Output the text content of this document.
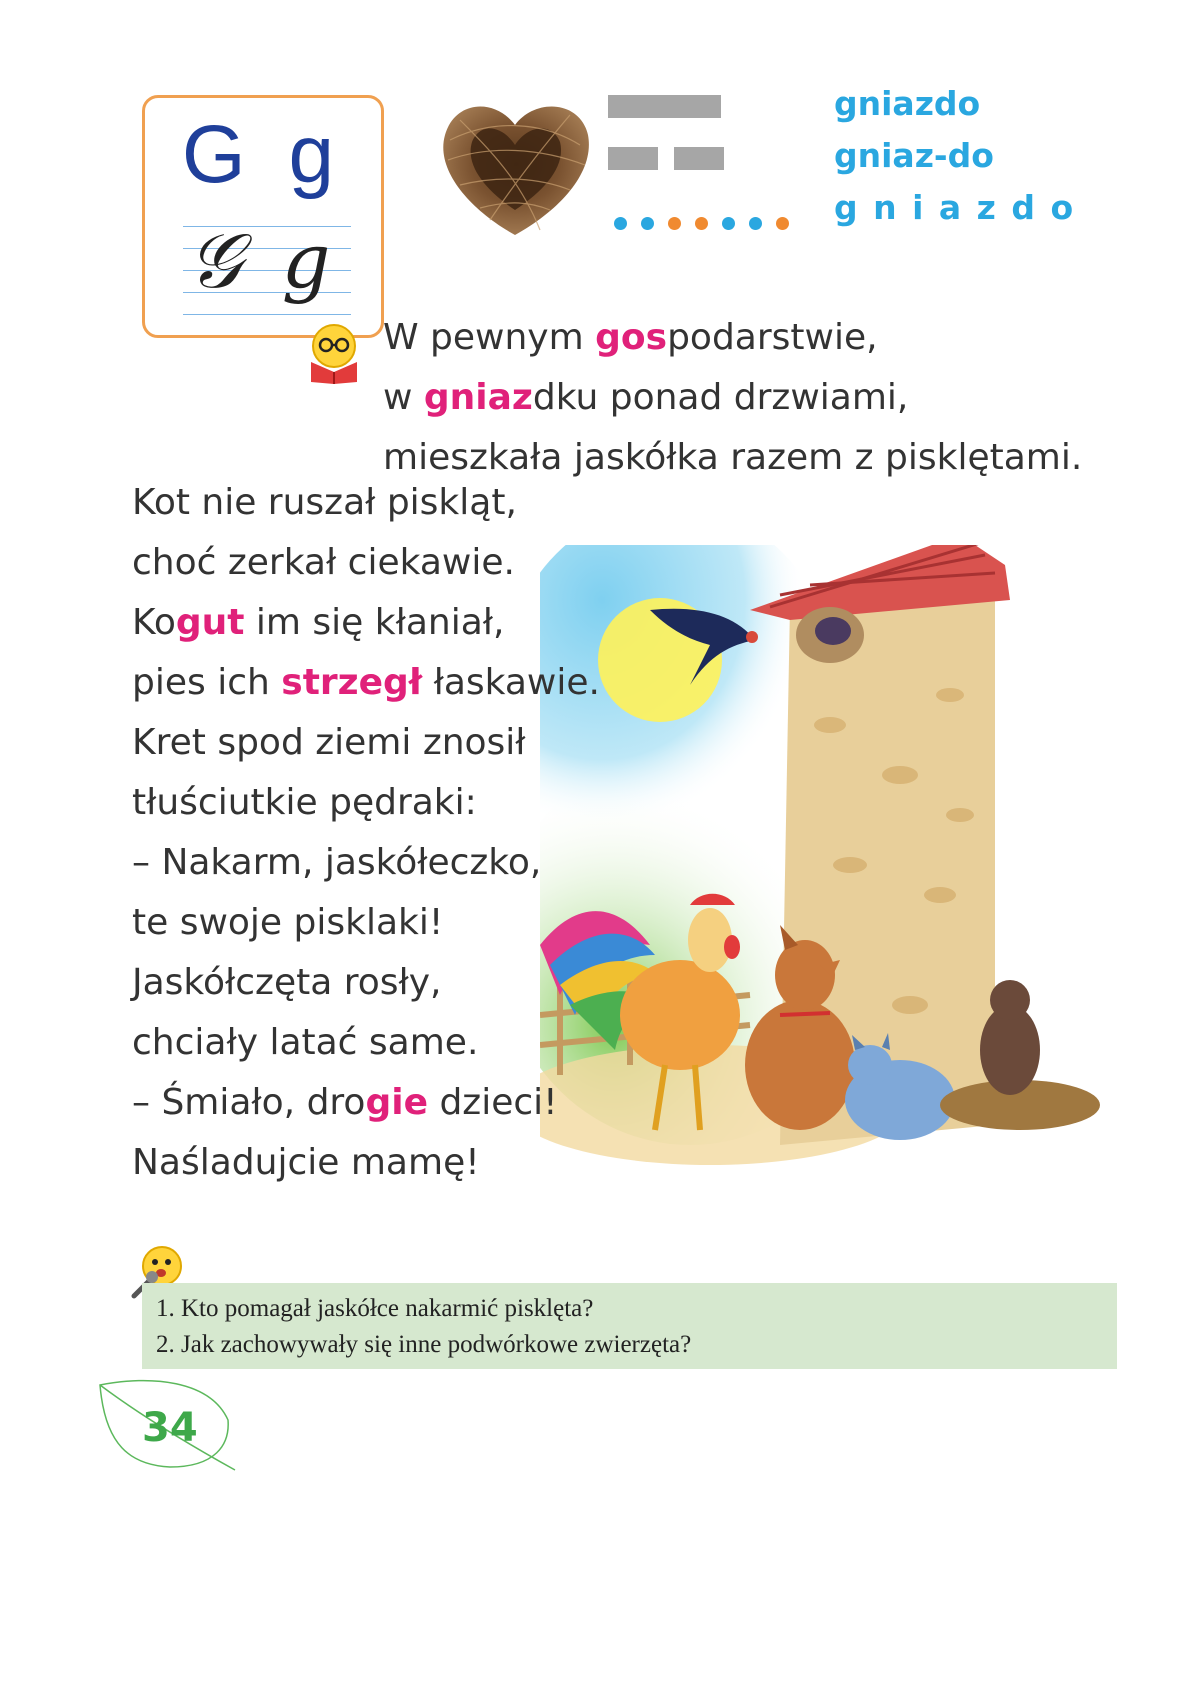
G g
𝒢 g
gniazdo
gniaz-do
g n i a z d o
W pewnym gospodarstwie,
w gniazdku ponad drzwiami,
mieszkała jaskółka razem z pisklętami.
Kot nie ruszał piskląt,
choć zerkał ciekawie.
Kogut im się kłaniał,
pies ich strzegł łaskawie.
Kret spod ziemi znosił
tłuściutkie pędraki:
– Nakarm, jaskółeczko,
te swoje pisklaki!
Jaskółczęta rosły,
chciały latać same.
– Śmiało, drogie dzieci!
Naśladujcie mamę!
1. Kto pomagał jaskółce nakarmić pisklęta?
2. Jak zachowywały się inne podwórkowe zwierzęta?
34
